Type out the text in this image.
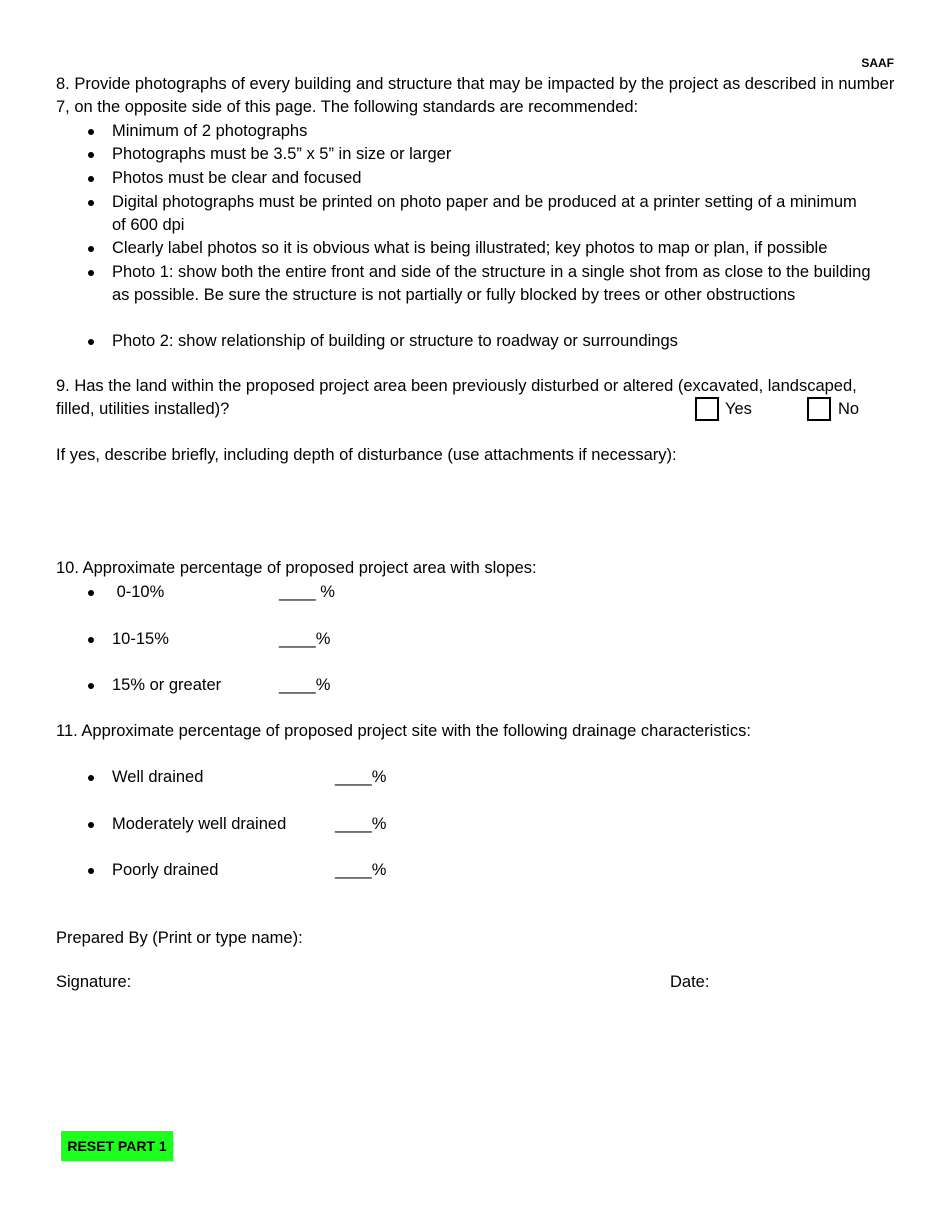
SAAF
8. Provide photographs of every building and structure that may be impacted by the project as described in number 7, on the opposite side of this page. The following standards are recommended:
Minimum of 2 photographs
Photographs must be 3.5” x 5” in size or larger
Photos must be clear and focused
Digital photographs must be printed on photo paper and be produced at a printer setting of a minimum of 600 dpi
Clearly label photos so it is obvious what is being illustrated; key photos to map or plan, if possible
Photo 1: show both the entire front and side of the structure in a single shot from as close to the building as possible. Be sure the structure is not partially or fully blocked by trees or other obstructions
Photo 2: show relationship of building or structure to roadway or surroundings
9. Has the land within the proposed project area been previously disturbed or altered (excavated, landscaped,
filled, utilities installed)?	Yes	No
If yes, describe briefly, including depth of disturbance (use attachments if necessary):
10. Approximate percentage of proposed project area with slopes:
0-10%	____ %
10-15%	____%
15% or greater	____%
11. Approximate percentage of proposed project site with the following drainage characteristics:
Well drained	____%
Moderately well drained	____%
Poorly drained	____%
Prepared By (Print or type name):
Signature:	Date:
RESET PART 1
